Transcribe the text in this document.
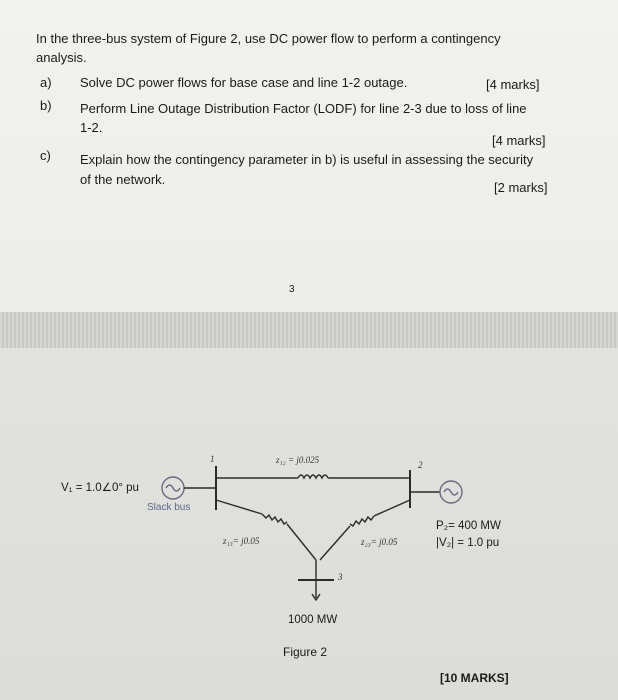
In the three-bus system of Figure 2, use DC power flow to perform a contingency
analysis.
a) Solve DC power flows for base case and line 1-2 outage.	[4 marks]
b) Perform Line Outage Distribution Factor (LODF) for line 2-3 due to loss of line
1-2.
[4 marks]
c) Explain how the contingency parameter in b) is useful in assessing the security
of the network.
[2 marks]
3
1
2
3
z₁₂ = j0.025
z₁₃= j0.05	z₂₃= j0.05
V₁ = 1.0∠0° pu
Slack bus
P₂= 400 MW
|V₂| = 1.0 pu
1000 MW
Figure 2
[10 MARKS]
